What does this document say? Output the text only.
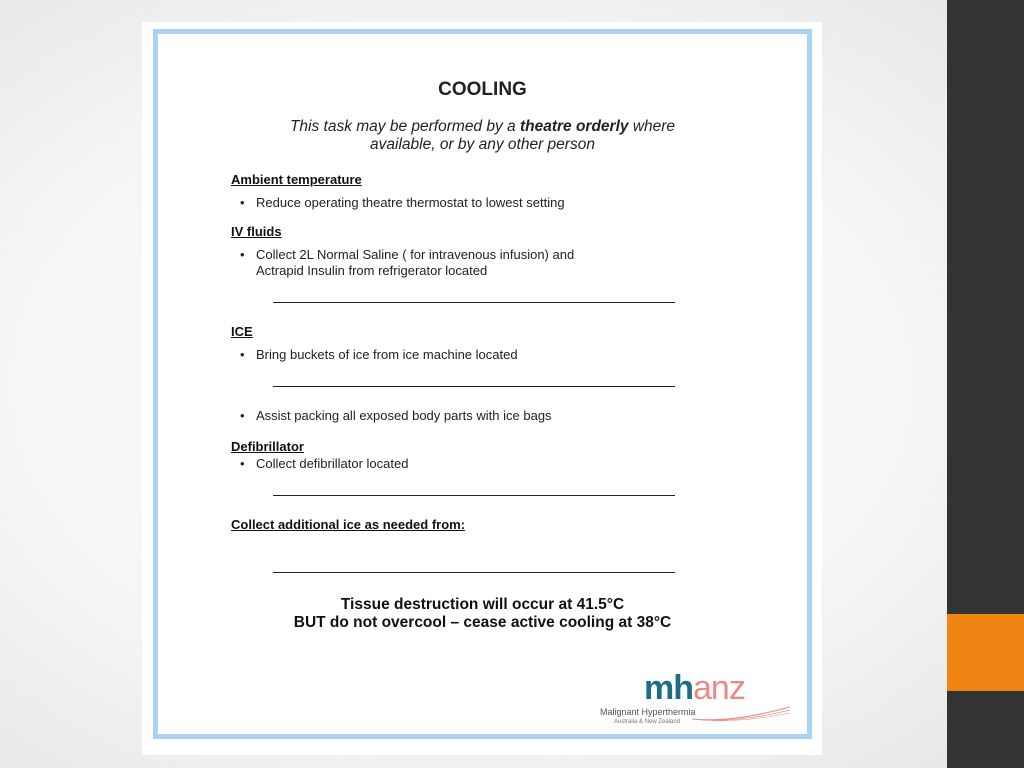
COOLING
This task may be performed by a theatre orderly where
available, or by any other person
Ambient temperature
• Reduce operating theatre thermostat to lowest setting
IV fluids
• Collect 2L Normal Saline ( for intravenous infusion) and
Actrapid Insulin from refrigerator located
ICE
• Bring buckets of ice from ice machine located
• Assist packing all exposed body parts with ice bags
Defibrillator
• Collect defibrillator located
Collect additional ice as needed from:
Tissue destruction will occur at 41.5°C
BUT do not overcool – cease active cooling at 38°C
mhanz
Malignant Hyperthermia
Australia & New Zealand
